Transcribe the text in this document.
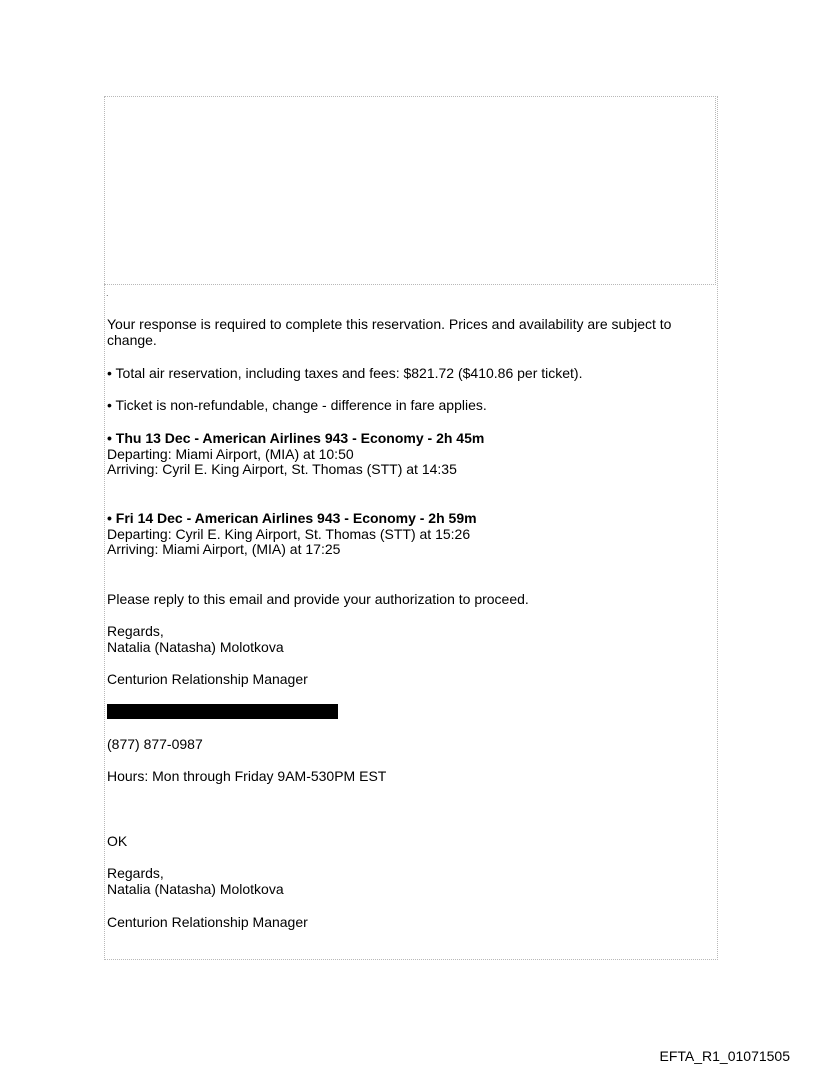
.
Your response is required to complete this reservation. Prices and availability are subject to change.
• Total air reservation, including taxes and fees: $821.72 ($410.86 per ticket).
• Ticket is non-refundable, change - difference in fare applies.
• Thu 13 Dec - American Airlines 943 - Economy - 2h 45m
Departing: Miami Airport, (MIA) at 10:50
Arriving: Cyril E. King Airport, St. Thomas (STT) at 14:35
• Fri 14 Dec - American Airlines 943 - Economy - 2h 59m
Departing: Cyril E. King Airport, St. Thomas (STT) at 15:26
Arriving: Miami Airport, (MIA) at 17:25
Please reply to this email and provide your authorization to proceed.
Regards,
Natalia (Natasha) Molotkova
Centurion Relationship Manager
(877) 877-0987
Hours: Mon through Friday 9AM-530PM EST
OK
Regards,
Natalia (Natasha) Molotkova
Centurion Relationship Manager
EFTA_R1_01071505
